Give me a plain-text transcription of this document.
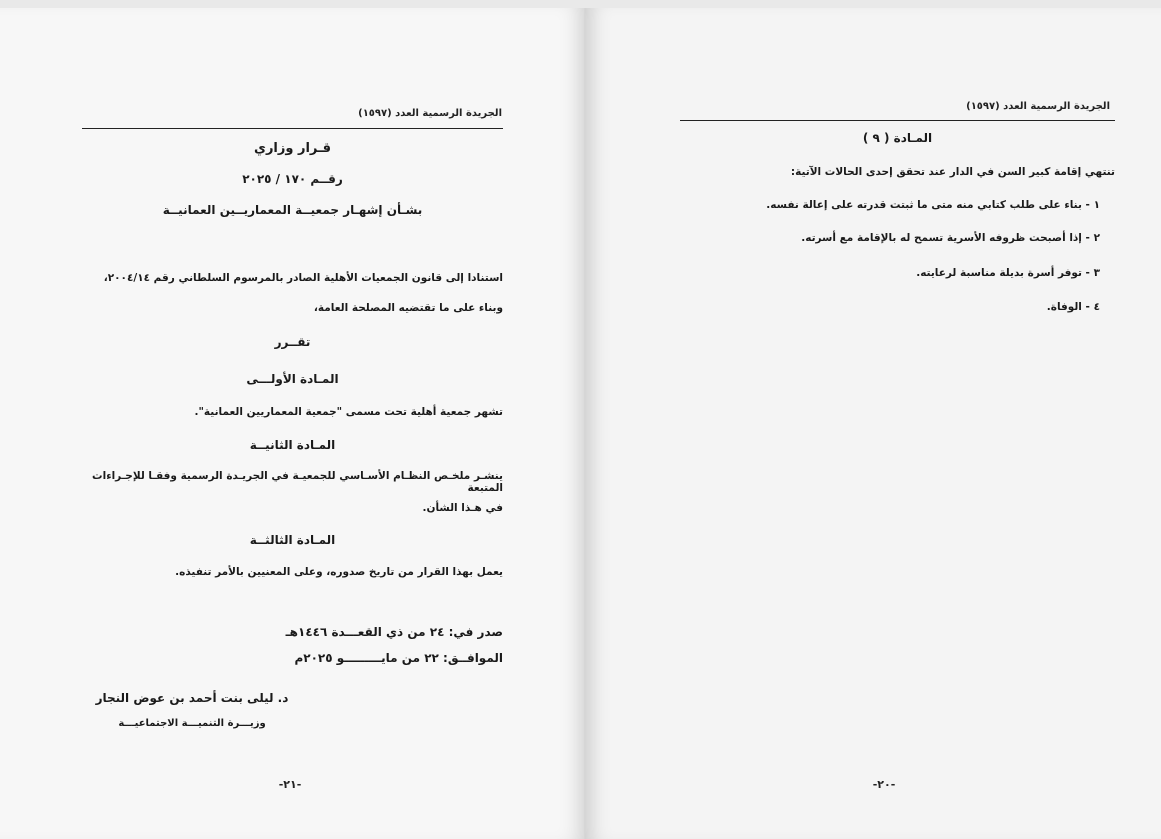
الجريدة الرسمية العدد (١٥٩٧)
قـرار وزاري
رقــم ١٧٠ / ٢٠٢٥
بشـأن إشهـار جمعيــة المعماريــين العمانيــة
استنادا إلى قانون الجمعيات الأهلية الصادر بالمرسوم السلطاني رقم ٢٠٠٤/١٤،
وبناء على ما تقتضيه المصلحة العامة،
تقــرر
المـادة الأولـــى
تشهر جمعية أهلية تحت مسمى "جمعية المعماريين العمانية".
المـادة الثانيــة
ينشـر ملخـص النظـام الأسـاسي للجمعيـة في الجريـدة الرسمية وفقـا للإجـراءات المتبعة
في هـذا الشأن.
المـادة الثالثــة
يعمل بهذا القرار من تاريخ صدوره، وعلى المعنيين بالأمر تنفيذه.
صدر في: ٢٤ من ذي القعـــدة ١٤٤٦هـ
الموافــق: ٢٢ من مايـــــــــو ٢٠٢٥م
د. ليلى بنت أحمد بن عوض النجار
وزيـــرة التنميـــة الاجتماعيـــة
-٢١-
الجريدة الرسمية العدد (١٥٩٧)
المـادة ( ٩ )
تنتهي إقامة كبير السن في الدار عند تحقق إحدى الحالات الآتية:
١ - بناء على طلب كتابي منه متى ما ثبتت قدرته على إعالة نفسه.
٢ - إذا أصبحت ظروفه الأسرية تسمح له بالإقامة مع أسرته.
٣ - توفر أسرة بديلة مناسبة لرعايته.
٤ - الوفاة.
-٢٠-
